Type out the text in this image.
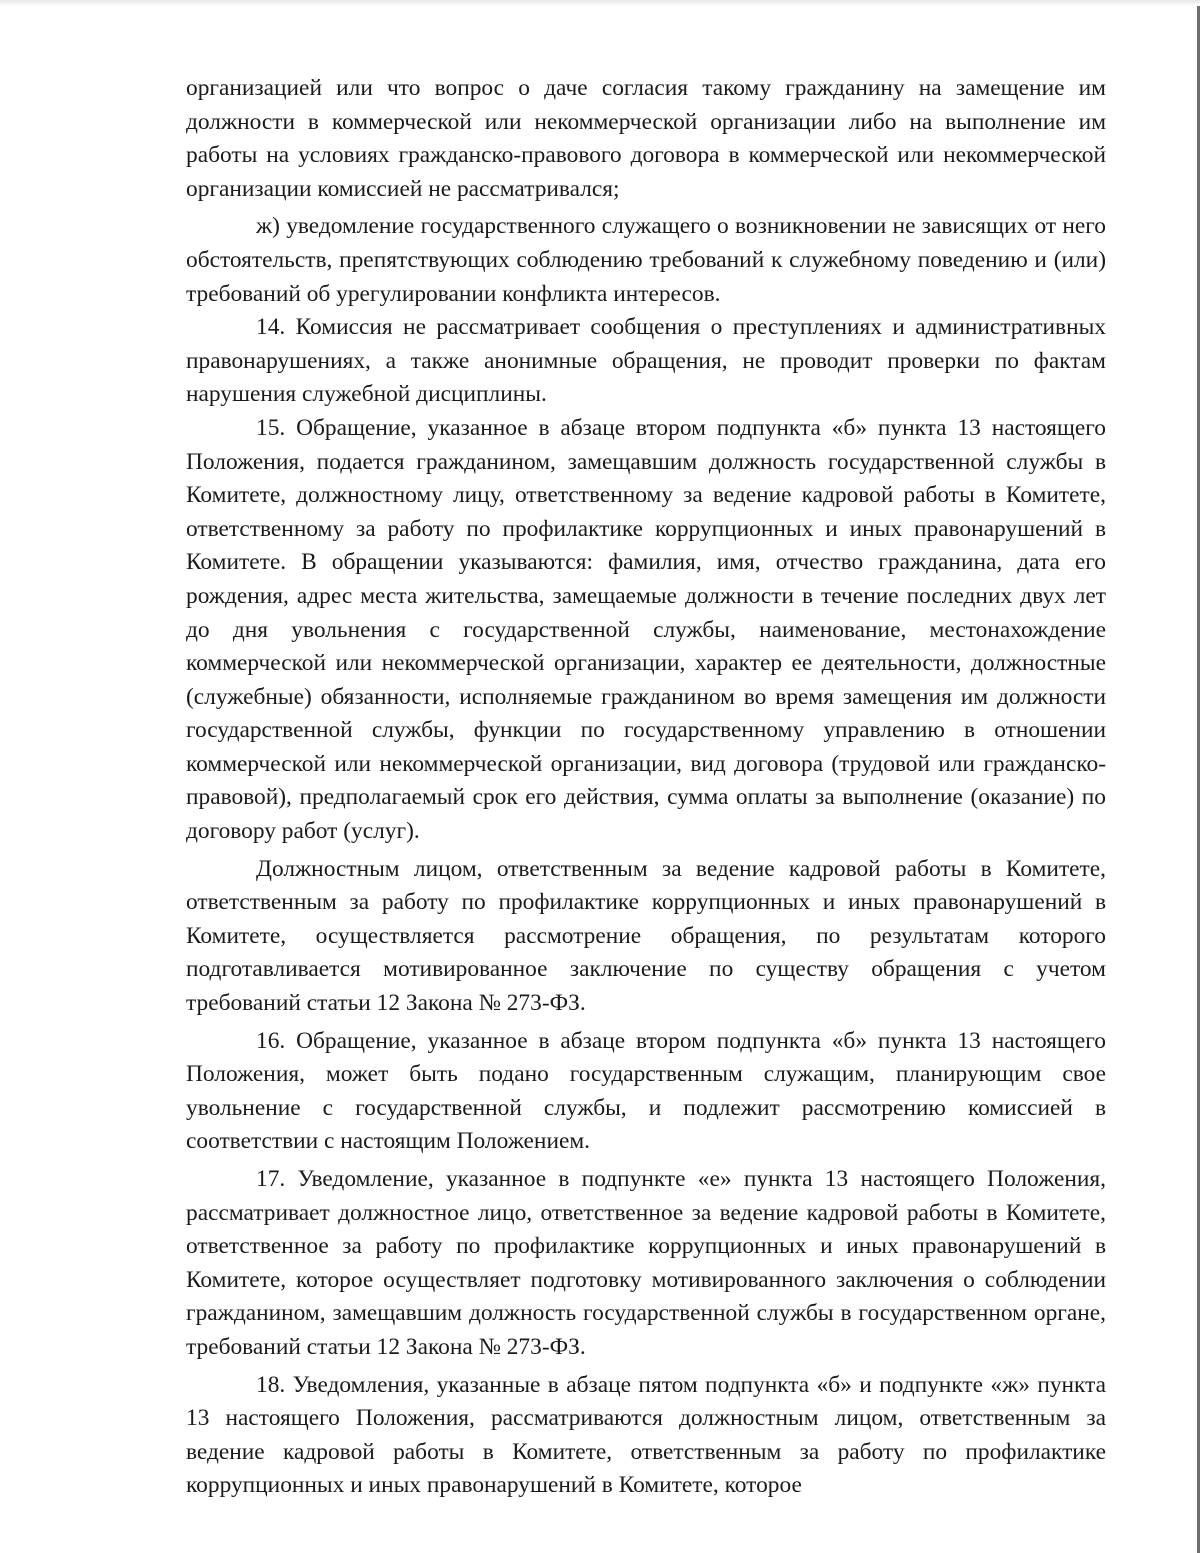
организацией или что вопрос о даче согласия такому гражданину на замещение им должности в коммерческой или некоммерческой организации либо на выполнение им работы на условиях гражданско-правового договора в коммерческой или некоммерческой организации комиссией не рассматривался;

ж) уведомление государственного служащего о возникновении не зависящих от него обстоятельств, препятствующих соблюдению требований к служебному поведению и (или) требований об урегулировании конфликта интересов.

14. Комиссия не рассматривает сообщения о преступлениях и административных правонарушениях, а также анонимные обращения, не проводит проверки по фактам нарушения служебной дисциплины.

15. Обращение, указанное в абзаце втором подпункта «б» пункта 13 настоящего Положения, подается гражданином, замещавшим должность государственной службы в Комитете, должностному лицу, ответственному за ведение кадровой работы в Комитете, ответственному за работу по профилактике коррупционных и иных правонарушений в Комитете. В обращении указываются: фамилия, имя, отчество гражданина, дата его рождения, адрес места жительства, замещаемые должности в течение последних двух лет до дня увольнения с государственной службы, наименование, местонахождение коммерческой или некоммерческой организации, характер ее деятельности, должностные (служебные) обязанности, исполняемые гражданином во время замещения им должности государственной службы, функции по государственному управлению в отношении коммерческой или некоммерческой организации, вид договора (трудовой или гражданско-правовой), предполагаемый срок его действия, сумма оплаты за выполнение (оказание) по договору работ (услуг).

Должностным лицом, ответственным за ведение кадровой работы в Комитете, ответственным за работу по профилактике коррупционных и иных правонарушений в Комитете, осуществляется рассмотрение обращения, по результатам которого подготавливается мотивированное заключение по существу обращения с учетом требований статьи 12 Закона № 273-ФЗ.

16. Обращение, указанное в абзаце втором подпункта «б» пункта 13 настоящего Положения, может быть подано государственным служащим, планирующим свое увольнение с государственной службы, и подлежит рассмотрению комиссией в соответствии с настоящим Положением.

17. Уведомление, указанное в подпункте «е» пункта 13 настоящего Положения, рассматривает должностное лицо, ответственное за ведение кадровой работы в Комитете, ответственное за работу по профилактике коррупционных и иных правонарушений в Комитете, которое осуществляет подготовку мотивированного заключения о соблюдении гражданином, замещавшим должность государственной службы в государственном органе, требований статьи 12 Закона № 273-ФЗ.

18. Уведомления, указанные в абзаце пятом подпункта «б» и подпункте «ж» пункта 13 настоящего Положения, рассматриваются должностным лицом, ответственным за ведение кадровой работы в Комитете, ответственным за работу по профилактике коррупционных и иных правонарушений в Комитете, которое
